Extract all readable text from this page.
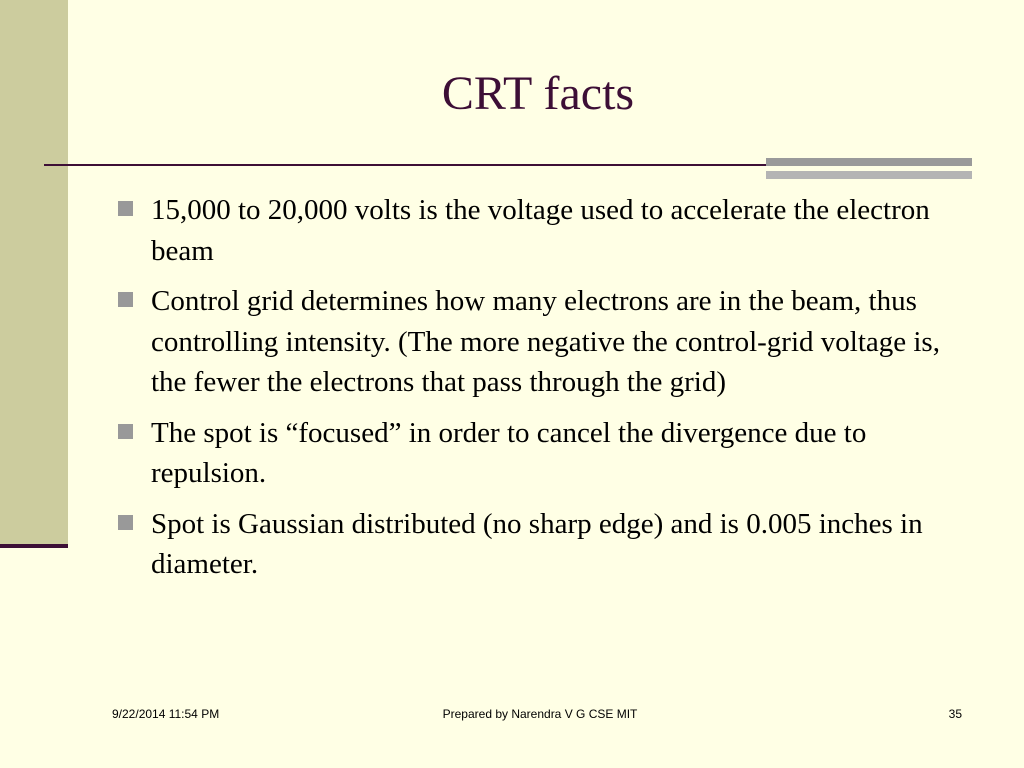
CRT facts
15,000 to 20,000 volts is the voltage used to accelerate the electron beam
Control grid determines how many electrons are in the beam, thus controlling intensity. (The more negative the control-grid voltage is, the fewer the electrons that pass through the grid)
The spot is “focused” in order to cancel the divergence due to repulsion.
Spot is Gaussian distributed (no sharp edge) and is 0.005 inches in diameter.
9/22/2014 11:54 PM	Prepared by Narendra V G CSE MIT	35
